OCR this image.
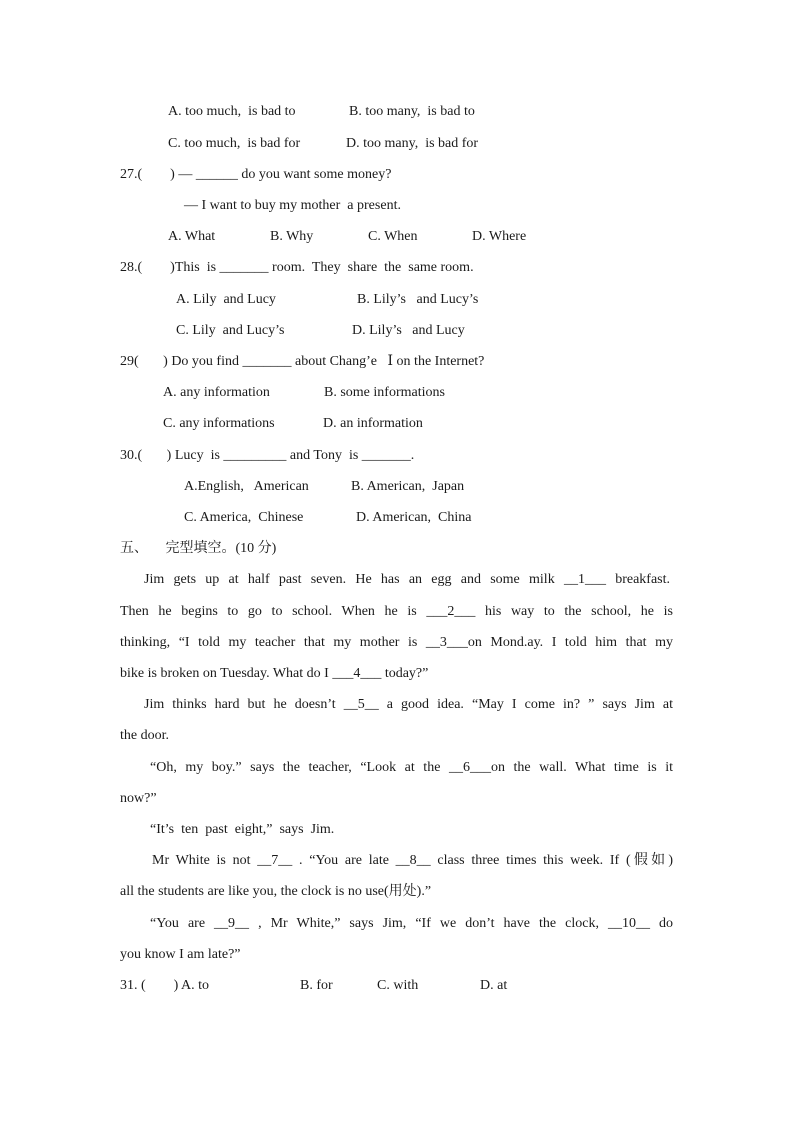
A. too much,  is bad to	B. too many,  is bad to
C. too much,  is bad for	D. too many,  is bad for
27.(        ) — ______ do you want some money?
— I want to buy my mother  a present.
A. What	B. Why	C. When	D. Where
28.(        )This  is _______ room.  They  share  the  same room.
A. Lily  and Lucy	B. Lily’s   and Lucy’s
C. Lily  and Lucy’s	D. Lily’s   and Lucy
29(       ) Do you find _______ about Chang’e   Ⅰ on the Internet?
A. any information	B. some informations
C. any informations	D. an information
30.(       ) Lucy  is _________ and Tony  is _______.
A.English,   American	B. American,  Japan
C. America,  Chinese	D. American,  China
五、     完型填空。(10 分)
Jim gets up at half past seven. He has an egg and some milk __1___ breakfast.
Then he begins to go to school. When he is ___2___ his way to the school, he is
thinking, “I told my teacher that my mother is __3___on Mond.ay. I told him that my
bike is broken on Tuesday. What do I ___4___ today?”
Jim thinks hard but he doesn’t __5__ a good idea. “May I come in? ” says Jim at
the door.
“Oh, my boy.” says the teacher, “Look at the __6___on the wall. What time is it
now?”
“It’s  ten  past  eight,”  says  Jim.
Mr White is not __7__ . “You are late __8__ class three times this week. If (假如)
all the students are like you, the clock is no use(用处).”
“You are __9__ , Mr White,” says Jim, “If we don’t have the clock, __10__ do
you know I am late?”
31. (        ) A. to	B. for	C. with	D. at
